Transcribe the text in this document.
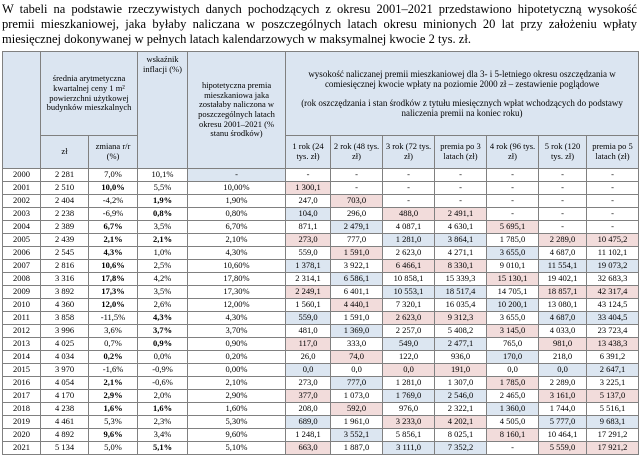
W tabeli na podstawie rzeczywistych danych pochodzących z okresu 2001–2021 przedstawiono hipotetyczną wysokość premii mieszkaniowej, jaka byłaby naliczana w poszczególnych latach okresu minionych 20 lat przy założeniu wpłaty miesięcznej dokonywanej w pełnych latach kalendarzowych w maksymalnej kwocie 2 tys. zł.
	średnia arytmetyczna kwartalnej ceny 1 m² powierzchni użytkowej budynków mieszkalnych		wskaźnik inflacji (%)	hipotetyczna premia mieszkaniowa jaka zostałaby naliczona w poszczególnych latach okresu 2001–2021 (% stanu środków)	wysokość naliczanej premii mieszkaniowej dla 3- i 5-letniego okresu oszczędzania w comiesięcznej kwocie wpłaty na poziomie 2000 zł – zestawienie poglądowe
(rok oszczędzania i stan środków z tytułu miesięcznych wpłat wchodzących do podstawy naliczenia premii na koniec roku)						

	zł	zmiana r/r (%)			1 rok (24 tys. zł)	2 rok (48 tys. zł)	3 rok (72 tys. zł)	premia po 3 latach (zł)	4 rok (96 tys. zł)	5 rok (120 tys. zł)	premia po 5 latach (zł)
2000	2 281	7,0%	10,1%	-	-	-	-	-	-	-	-
2001	2 510	10,0%	5,5%	10,00%	1 300,1	-	-	-	-	-	-
2002	2 404	-4,2%	1,9%	1,90%	247,0	703,0	-	-	-	-	-
2003	2 238	-6,9%	0,8%	0,80%	104,0	296,0	488,0	2 491,1	-	-	-
2004	2 389	6,7%	3,5%	6,70%	871,1	2 479,1	4 087,1	4 630,1	5 695,1	-	-
2005	2 439	2,1%	2,1%	2,10%	273,0	777,0	1 281,0	3 864,1	1 785,0	2 289,0	10 475,2
2006	2 545	4,3%	1,0%	4,30%	559,0	1 591,0	2 623,0	4 271,1	3 655,0	4 687,0	11 102,1
2007	2 816	10,6%	2,5%	10,60%	1 378,1	3 922,1	6 466,1	8 330,1	9 010,1	11 554,1	19 073,2
2008	3 316	17,8%	4,2%	17,80%	2 314,1	6 586,1	10 858,1	15 339,3	15 130,1	19 402,1	32 683,3
2009	3 892	17,3%	3,5%	17,30%	2 249,1	6 401,1	10 553,1	18 517,4	14 705,1	18 857,1	42 317,4
2010	4 360	12,0%	2,6%	12,00%	1 560,1	4 440,1	7 320,1	16 035,4	10 200,1	13 080,1	43 124,5
2011	3 858	-11,5%	4,3%	4,30%	559,0	1 591,0	2 623,0	9 312,3	3 655,0	4 687,0	33 404,5
2012	3 996	3,6%	3,7%	3,70%	481,0	1 369,0	2 257,0	5 408,2	3 145,0	4 033,0	23 723,4
2013	4 025	0,7%	0,9%	0,90%	117,0	333,0	549,0	2 477,1	765,0	981,0	13 438,3
2014	4 034	0,2%	0,0%	0,20%	26,0	74,0	122,0	936,0	170,0	218,0	6 391,2
2015	3 970	-1,6%	-0,9%	0,00%	0,0	0,0	0,0	191,0	0,0	0,0	2 647,1
2016	4 054	2,1%	-0,6%	2,10%	273,0	777,0	1 281,0	1 307,0	1 785,0	2 289,0	3 225,1
2017	4 170	2,9%	2,0%	2,90%	377,0	1 073,0	1 769,0	2 546,0	2 465,0	3 161,0	5 137,0
2018	4 238	1,6%	1,6%	1,60%	208,0	592,0	976,0	2 322,1	1 360,0	1 744,0	5 516,1
2019	4 461	5,3%	2,3%	5,30%	689,0	1 961,0	3 233,0	4 202,1	4 505,0	5 777,0	9 683,1
2020	4 892	9,6%	3,4%	9,60%	1 248,1	3 552,1	5 856,1	8 025,1	8 160,1	10 464,1	17 291,2
2021	5 134	5,0%	5,1%	5,10%	663,0	1 887,0	3 111,0	7 352,2	-	5 559,0	17 921,2
